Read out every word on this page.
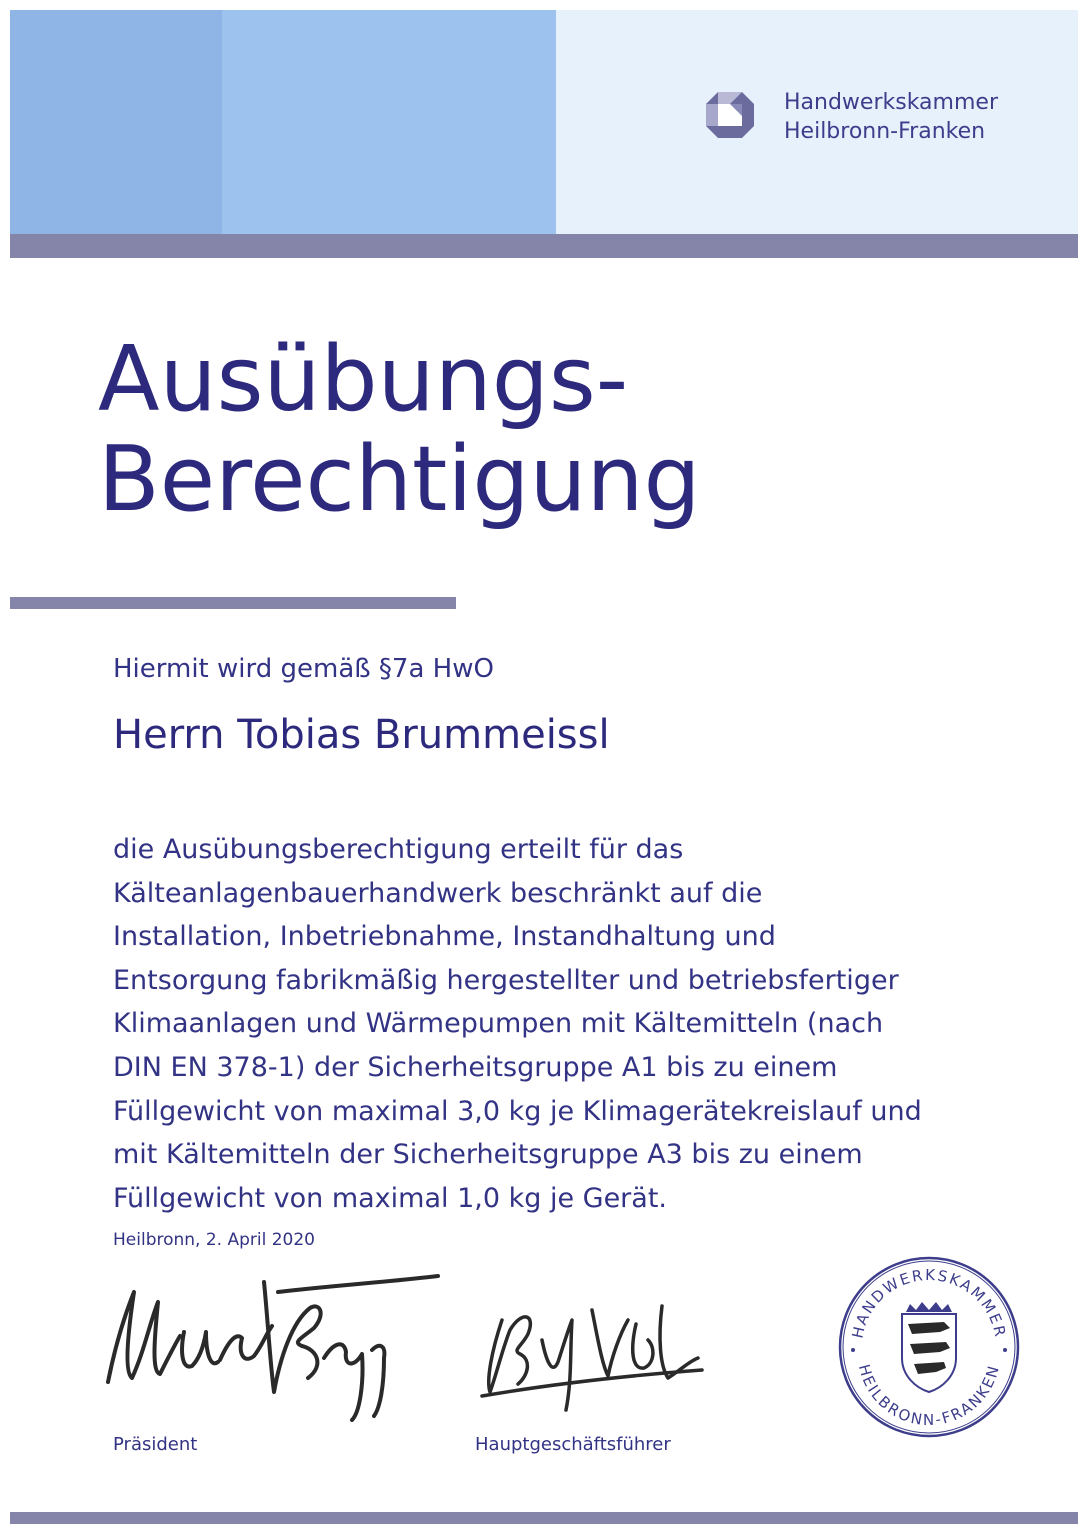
Handwerkskammer
Heilbronn-Franken
Ausübungs-
Berechtigung
Hiermit wird gemäß §7a HwO
Herrn Tobias Brummeissl
die Ausübungsberechtigung erteilt für das
Kälteanlagenbauerhandwerk beschränkt auf die
Installation, Inbetriebnahme, Instandhaltung und
Entsorgung fabrikmäßig hergestellter und betriebsfertiger
Klimaanlagen und Wärmepumpen mit Kältemitteln (nach
DIN EN 378-1) der Sicherheitsgruppe A1 bis zu einem
Füllgewicht von maximal 3,0 kg je Klimagerätekreislauf und
mit Kältemitteln der Sicherheitsgruppe A3 bis zu einem
Füllgewicht von maximal 1,0 kg je Gerät.
Heilbronn, 2. April 2020
Präsident	Hauptgeschäftsführer
HANDWERKSKAMMER
HEILBRONN-FRANKEN
